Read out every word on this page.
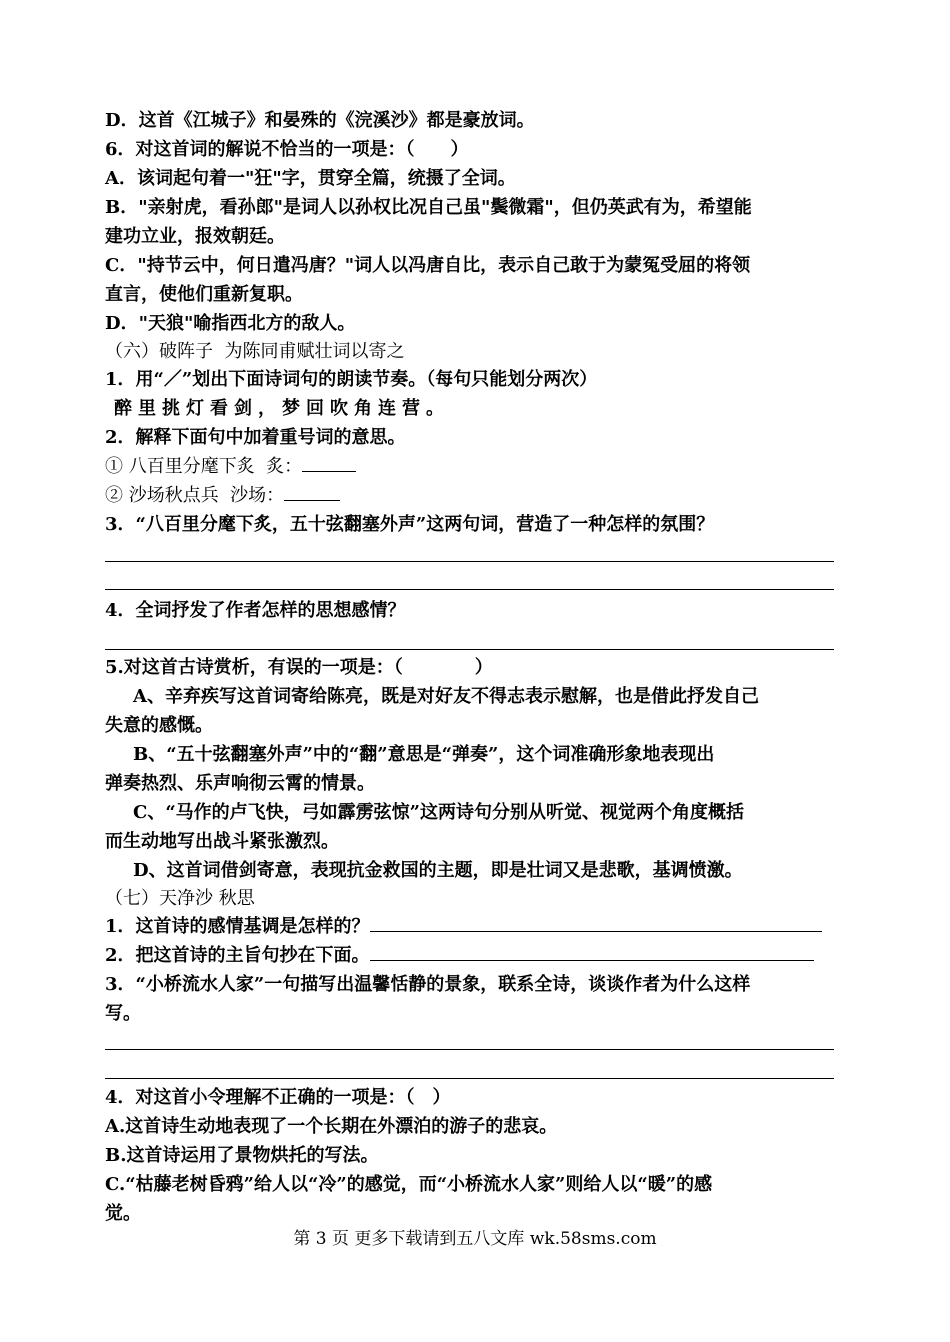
D．这首《江城子》和晏殊的《浣溪沙》都是豪放词。
6．对这首词的解说不恰当的一项是：（　　）
A．该词起句着一"狂"字，贯穿全篇，统摄了全词。
B．"亲射虎，看孙郎"是词人以孙权比况自己虽"鬓微霜"，但仍英武有为，希望能
建功立业，报效朝廷。
C．"持节云中，何日遣冯唐？"词人以冯唐自比，表示自己敢于为蒙冤受屈的将领
直言，使他们重新复职。
D．"天狼"喻指西北方的敌人。
（六）破阵子  为陈同甫赋壮词以寄之
1．用“／”划出下面诗词句的朗读节奏。（每句只能划分两次）
醉里挑灯看剑，梦回吹角连营。
2．解释下面句中加着重号词的意思。
① 八百里分麾下炙  炙：
② 沙场秋点兵  沙场：
3．“八百里分麾下炙，五十弦翻塞外声”这两句词，营造了一种怎样的氛围？
4．全词抒发了作者怎样的思想感情？
5.对这首古诗赏析，有误的一项是：（　　　　）
A、辛弃疾写这首词寄给陈亮，既是对好友不得志表示慰解，也是借此抒发自己
失意的感慨。
B、“五十弦翻塞外声”中的“翻”意思是“弹奏”，这个词准确形象地表现出
弹奏热烈、乐声响彻云霄的情景。
C、“马作的卢飞快，弓如霹雳弦惊”这两诗句分别从听觉、视觉两个角度概括
而生动地写出战斗紧张激烈。
D、这首词借剑寄意，表现抗金救国的主题，即是壮词又是悲歌，基调愤激。
（七）天净沙 秋思
1．这首诗的感情基调是怎样的？
2．把这首诗的主旨句抄在下面。
3．“小桥流水人家”一句描写出温馨恬静的景象，联系全诗，谈谈作者为什么这样
写。
4．对这首小令理解不正确的一项是：（　）
A.这首诗生动地表现了一个长期在外漂泊的游子的悲哀。
B.这首诗运用了景物烘托的写法。
C.“枯藤老树昏鸦”给人以“冷”的感觉，而“小桥流水人家”则给人以“暖”的感
觉。
第 3 页 更多下载请到五八文库 wk.58sms.com
